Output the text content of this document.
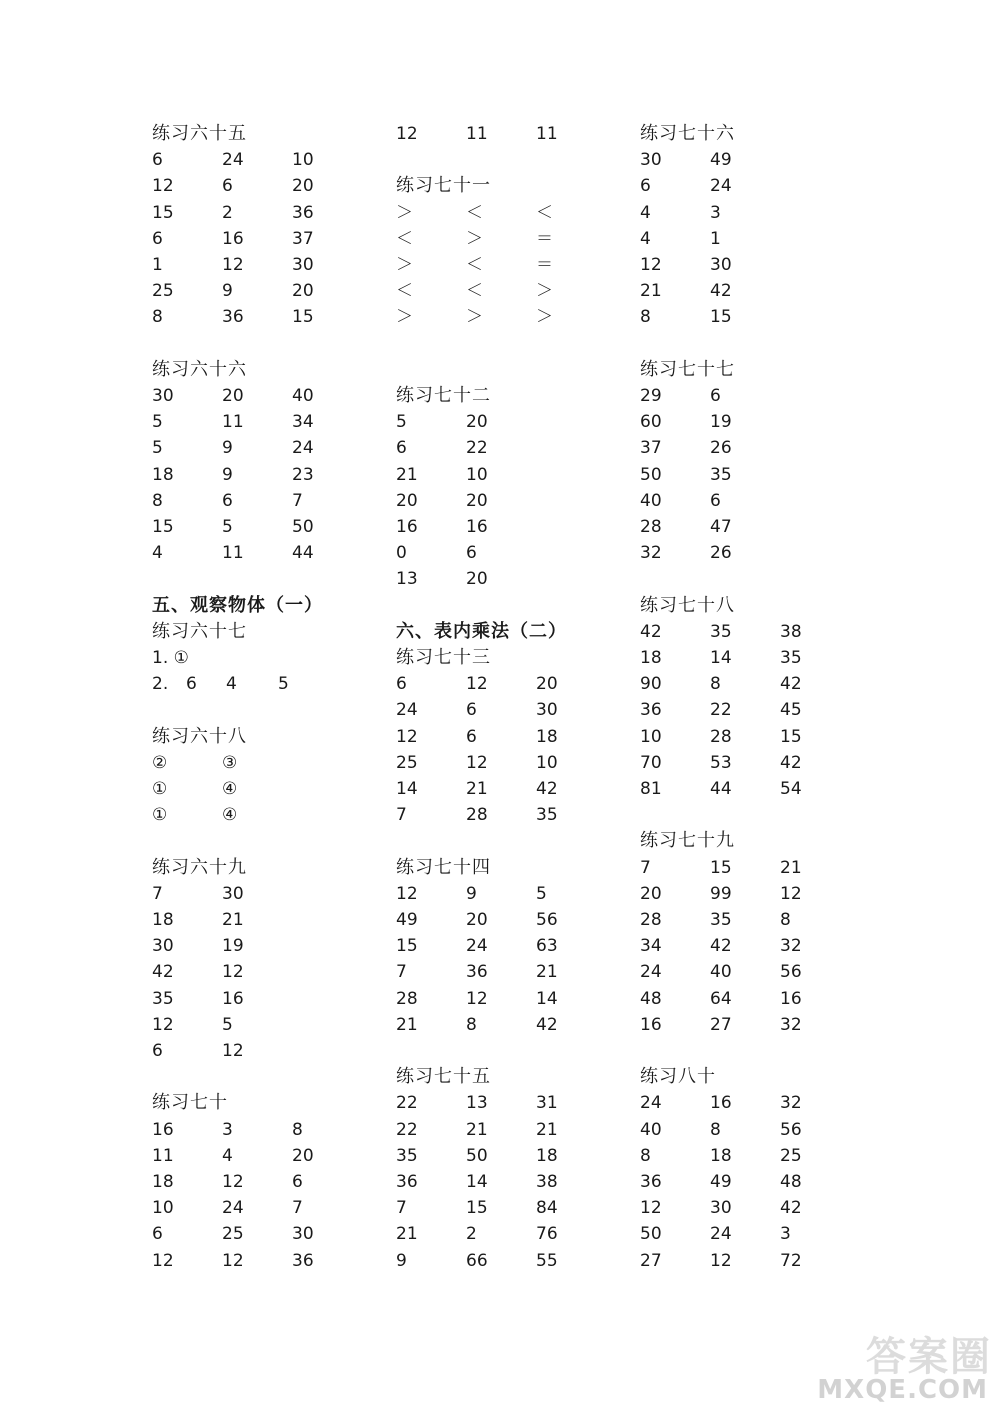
练习六十五
6	24	10
12	6	20
15	2	36
6	16	37
1	12	30
25	9	20
8	36	15
练习六十六
30	20	40
5	11	34
5	9	24
18	9	23
8	6	7
15	5	50
4	11	44
五、观察物体（一）
练习六十七
1. ①
2. 6 4 5
练习六十八
②	③
①	④
①	④
练习六十九
7	30
18	21
30	19
42	12
35	16
12	5
6	12
练习七十
16	3	8
11	4	20
18	12	6
10	24	7
6	25	30
12	12	36
12	11	11
练习七十一
＞	＜	＜
＜	＞	＝
＞	＜	＝
＜	＜	＞
＞	＞	＞
练习七十二
5	20
6	22
21	10
20	20
16	16
0	6
13	20
六、表内乘法（二）
练习七十三
6	12	20
24	6	30
12	6	18
25	12	10
14	21	42
7	28	35
练习七十四
12	9	5
49	20	56
15	24	63
7	36	21
28	12	14
21	8	42
练习七十五
22	13	31
22	21	21
35	50	18
36	14	38
7	15	84
21	2	76
9	66	55
练习七十六
30	49
6	24
4	3
4	1
12	30
21	42
8	15
练习七十七
29	6
60	19
37	26
50	35
40	6
28	47
32	26
练习七十八
42	35	38
18	14	35
90	8	42
36	22	45
10	28	15
70	53	42
81	44	54
练习七十九
7	15	21
20	99	12
28	35	8
34	42	32
24	40	56
48	64	16
16	27	32
练习八十
24	16	32
40	8	56
8	18	25
36	49	48
12	30	42
50	24	3
27	12	72
答案圈
MXQE.COM
